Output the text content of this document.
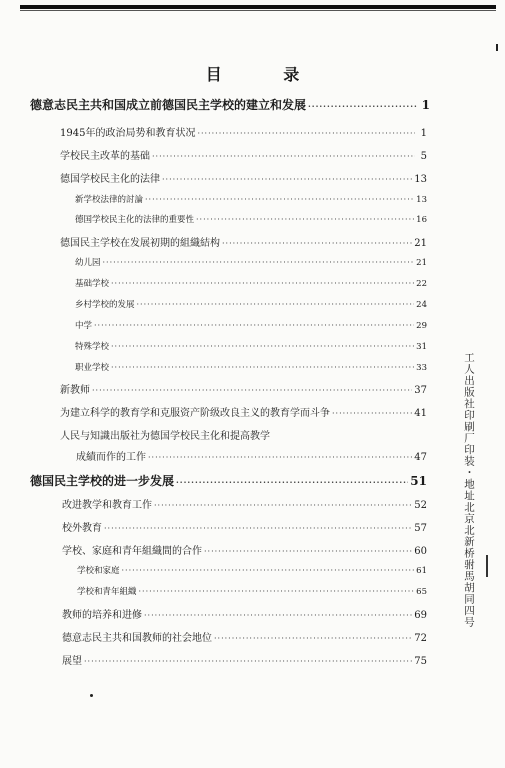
目 录
德意志民主共和国成立前德国民主学校的建立和发展 ·····	1
1945年的政治局势和教育状况 ·····	1
学校民主改革的基础 ·····	5
德国学校民主化的法律 ·····	13
新学校法律的討論 ·····	13
德国学校民主化的法律的重要性 ·····	16
德国民主学校在发展初期的組織結构 ·····	21
幼儿园 ·····	21
基础学校 ·····	22
乡村学校的发展 ·····	24
中学 ·····	29
特殊学校 ·····	31
职业学校 ·····	33
新教师 ·····	37
为建立科学的教育学和克服资产阶级改良主义的教育学而斗争 ·····	41
人民与知識出版社为德国学校民主化和提高教学
成績而作的工作 ·····	47
德国民主学校的进一步发展 ·····	51
改进教学和教育工作 ·····	52
校外教育 ·····	57
学校、家庭和青年組織間的合作 ·····	60
学校和家庭 ·····	61
学校和青年組織 ·····	65
教师的培养和进修 ·····	69
德意志民主共和国教师的社会地位 ·····	72
展望 ·····	75
工人出版社印刷厂印装・地址北京北新桥驸馬胡同四号
